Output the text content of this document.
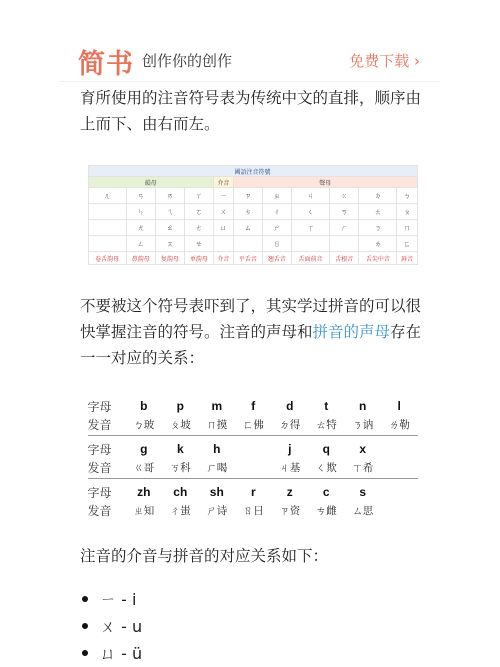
简书 创作你的创作	免费下载 ›

育所使用的注音符号表为传统中文的直排，顺序由上而下、由右而左。

國語注音符號										
韻母				介音	聲母					
ㄦ	ㄢ	ㄞ	ㄚ	ㄧ	ㄗ	ㄓ	ㄐ	ㄍ	ㄉ	ㄅ
	ㄣ	ㄟ	ㄛ	ㄨ	ㄘ	ㄔ	ㄑ	ㄎ	ㄊ	ㄆ
	ㄤ	ㄠ	ㄜ	ㄩ	ㄙ	ㄕ	ㄒ	ㄏ	ㄋ	ㄇ
	ㄥ	ㄡ	ㄝ			ㄖ			ㄌ	ㄈ
卷舌韵母	鼻韵母	复韵母	单韵母	介音	平舌音	翘舌音	舌面前音	舌根音	舌尖中音	唇音

不要被这个符号表吓到了，其实学过拼音的可以很快掌握注音的符号。注音的声母和拼音的声母存在一一对应的关系：

字母	b	p	m	f	d	t	n	l
发音	ㄅ玻	ㄆ坡	ㄇ摸	ㄈ佛	ㄉ得	ㄊ特	ㄋ讷	ㄌ勒
字母	g	k	h	j	q	x
发音	ㄍ哥	ㄎ科	ㄏ喝	ㄐ基	ㄑ欺	ㄒ希
字母	zh	ch	sh	r	z	c	s
发音	ㄓ知	ㄔ蚩	ㄕ诗	ㄖ日	ㄗ资	ㄘ雌	ㄙ思

注音的介音与拼音的对应关系如下：

ㄧ - i
ㄨ - u
ㄩ - ü
